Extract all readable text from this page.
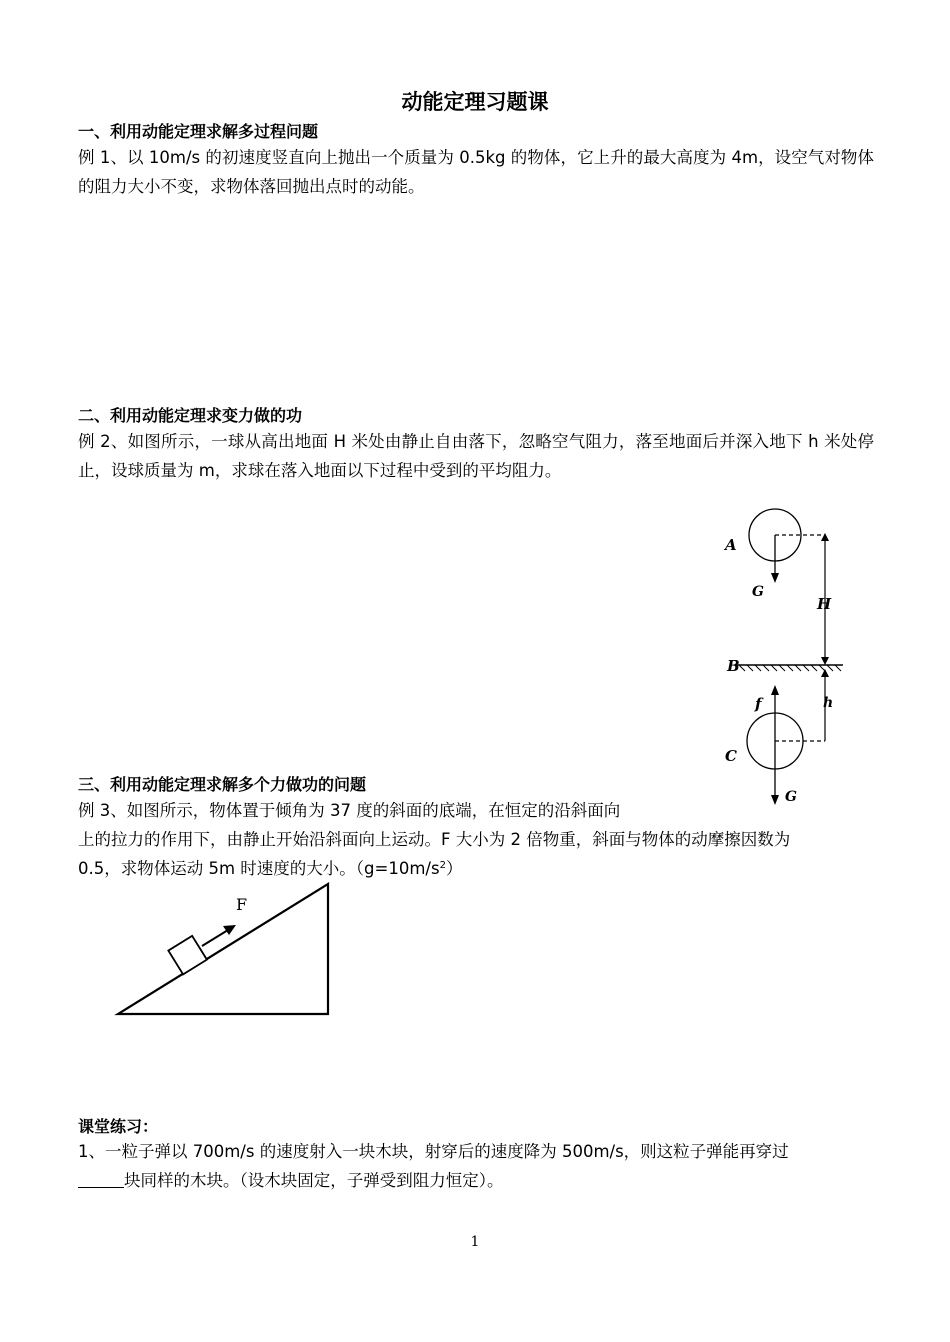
动能定理习题课
一、利用动能定理求解多过程问题
例 1、以 10m/s 的初速度竖直向上抛出一个质量为 0.5kg 的物体，它上升的最大高度为 4m，设空气对物体的阻力大小不变，求物体落回抛出点时的动能。
二、利用动能定理求变力做的功
例 2、如图所示，一球从高出地面 H 米处由静止自由落下，忽略空气阻力，落至地面后并深入地下 h 米处停止，设球质量为 m，求球在落入地面以下过程中受到的平均阻力。
A
G
H
B
f	h
C
G
三、利用动能定理求解多个力做功的问题
例 3、如图所示，物体置于倾角为 37 度的斜面的底端，在恒定的沿斜面向
上的拉力的作用下，由静止开始沿斜面向上运动。F 大小为 2 倍物重，斜面与物体的动摩擦因数为
0.5，求物体运动 5m 时速度的大小。$(g=10m/s^2)$
F
课堂练习：
1、一粒子弹以 700m/s 的速度射入一块木块，射穿后的速度降为 500m/s，则这粒子弹能再穿过
块同样的木块。（设木块固定，子弹受到阻力恒定）。
1
